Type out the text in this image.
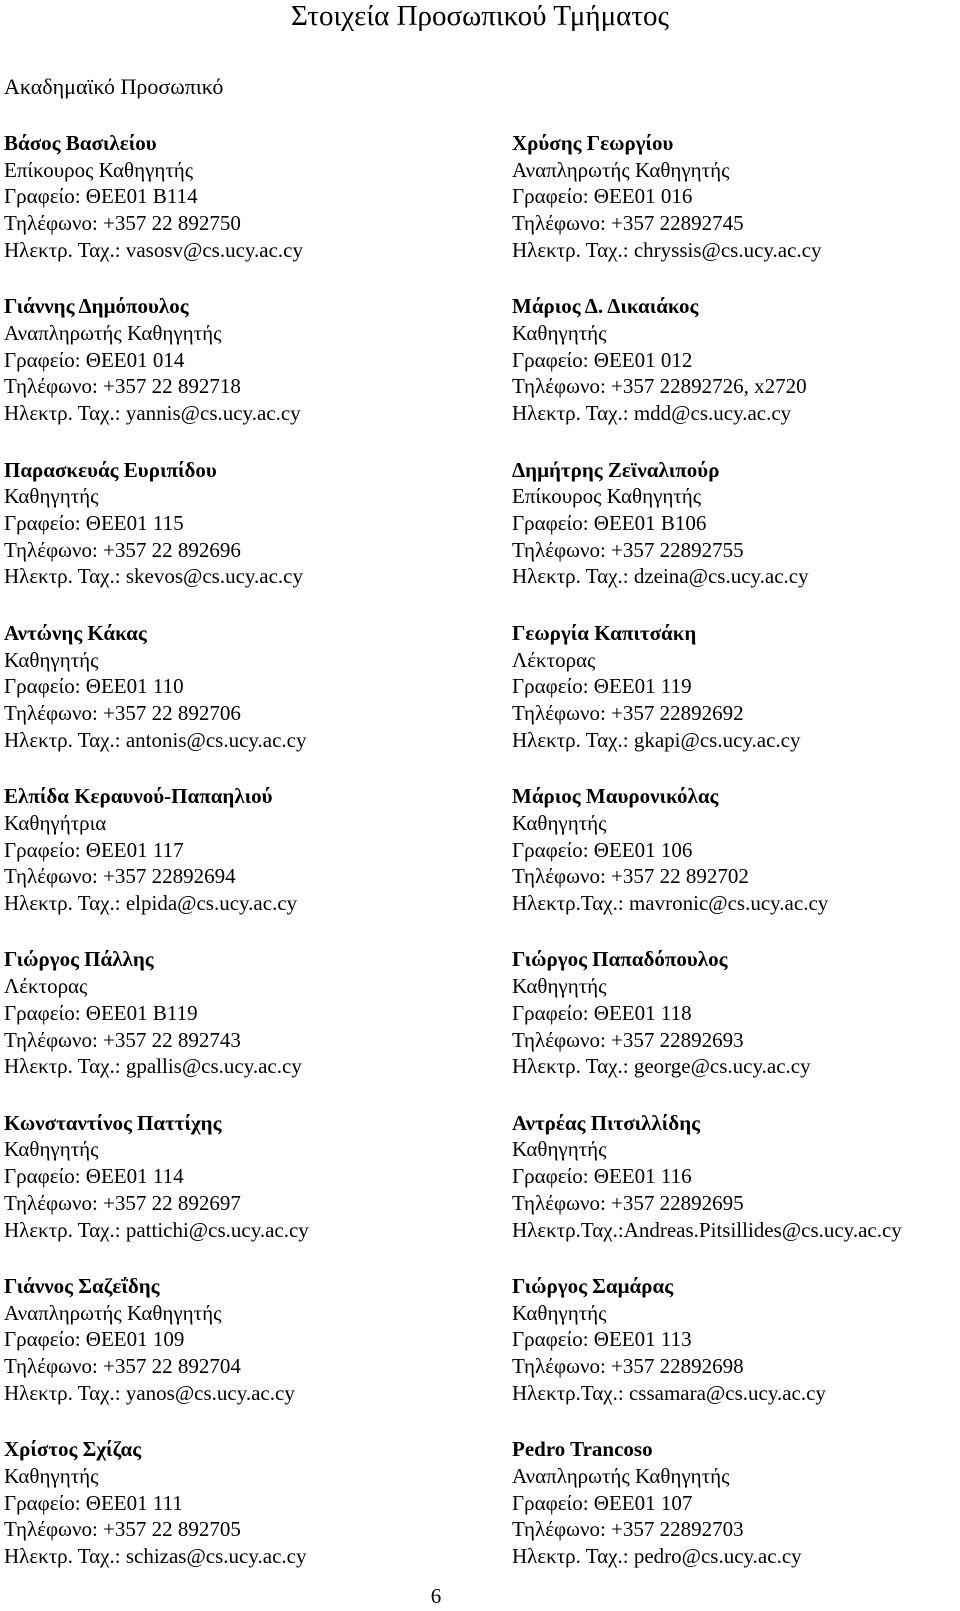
Στοιχεία Προσωπικού Τμήματος
Ακαδημαϊκό Προσωπικό
Βάσος Βασιλείου
Επίκουρος Καθηγητής
Γραφείο: ΘΕΕ01 Β114
Τηλέφωνο: +357 22 892750
Ηλεκτρ. Ταχ.: vasosv@cs.ucy.ac.cy
Γιάννης Δημόπουλος
Αναπληρωτής Καθηγητής
Γραφείο: ΘΕΕ01 014
Τηλέφωνο: +357 22 892718
Ηλεκτρ. Ταχ.: yannis@cs.ucy.ac.cy
Παρασκευάς Ευριπίδου
Καθηγητής
Γραφείο: ΘΕΕ01 115
Τηλέφωνο: +357 22 892696
Ηλεκτρ. Ταχ.: skevos@cs.ucy.ac.cy
Αντώνης Κάκας
Καθηγητής
Γραφείο: ΘΕΕ01 110
Τηλέφωνο: +357 22 892706
Ηλεκτρ. Ταχ.: antonis@cs.ucy.ac.cy
Ελπίδα Κεραυνού-Παπαηλιού
Καθηγήτρια
Γραφείο: ΘΕΕ01 117
Τηλέφωνο: +357 22892694
Ηλεκτρ. Ταχ.: elpida@cs.ucy.ac.cy
Γιώργος Πάλλης
Λέκτορας
Γραφείο: ΘΕΕ01 Β119
Τηλέφωνο: +357 22 892743
Ηλεκτρ. Ταχ.: gpallis@cs.ucy.ac.cy
Κωνσταντίνος Παττίχης
Καθηγητής
Γραφείο: ΘΕΕ01 114
Τηλέφωνο: +357 22 892697
Ηλεκτρ. Ταχ.: pattichi@cs.ucy.ac.cy
Γιάννος Σαζεΐδης
Αναπληρωτής Καθηγητής
Γραφείο: ΘΕΕ01 109
Τηλέφωνο: +357 22 892704
Ηλεκτρ. Ταχ.: yanos@cs.ucy.ac.cy
Χρίστος Σχίζας
Καθηγητής
Γραφείο: ΘΕΕ01 111
Τηλέφωνο: +357 22 892705
Ηλεκτρ. Ταχ.: schizas@cs.ucy.ac.cy
Χρύσης Γεωργίου
Αναπληρωτής Καθηγητής
Γραφείο: ΘΕΕ01 016
Τηλέφωνο: +357 22892745
Ηλεκτρ. Ταχ.: chryssis@cs.ucy.ac.cy
Μάριος Δ. Δικαιάκος
Καθηγητής
Γραφείο: ΘΕΕ01 012
Τηλέφωνο: +357 22892726, x2720
Ηλεκτρ. Ταχ.: mdd@cs.ucy.ac.cy
Δημήτρης Ζεϊναλιπούρ
Επίκουρος Καθηγητής
Γραφείο: ΘΕΕ01 Β106
Τηλέφωνο: +357 22892755
Ηλεκτρ. Ταχ.: dzeina@cs.ucy.ac.cy
Γεωργία Καπιτσάκη
Λέκτορας
Γραφείο: ΘΕΕ01 119
Τηλέφωνο: +357 22892692
Ηλεκτρ. Ταχ.: gkapi@cs.ucy.ac.cy
Μάριος Μαυρονικόλας
Καθηγητής
Γραφείο: ΘΕΕ01 106
Τηλέφωνο: +357 22 892702
Ηλεκτρ.Ταχ.: mavronic@cs.ucy.ac.cy
Γιώργος Παπαδόπουλος
Καθηγητής
Γραφείο: ΘΕΕ01 118
Τηλέφωνο: +357 22892693
Ηλεκτρ. Ταχ.: george@cs.ucy.ac.cy
Αντρέας Πιτσιλλίδης
Καθηγητής
Γραφείο: ΘΕΕ01 116
Τηλέφωνο: +357 22892695
Ηλεκτρ.Ταχ.:Andreas.Pitsillides@cs.ucy.ac.cy
Γιώργος Σαμάρας
Καθηγητής
Γραφείο: ΘΕΕ01 113
Τηλέφωνο: +357 22892698
Ηλεκτρ.Ταχ.: cssamara@cs.ucy.ac.cy
Pedro Trancoso
Αναπληρωτής Καθηγητής
Γραφείο: ΘΕΕ01 107
Τηλέφωνο: +357 22892703
Ηλεκτρ. Ταχ.: pedro@cs.ucy.ac.cy
6
